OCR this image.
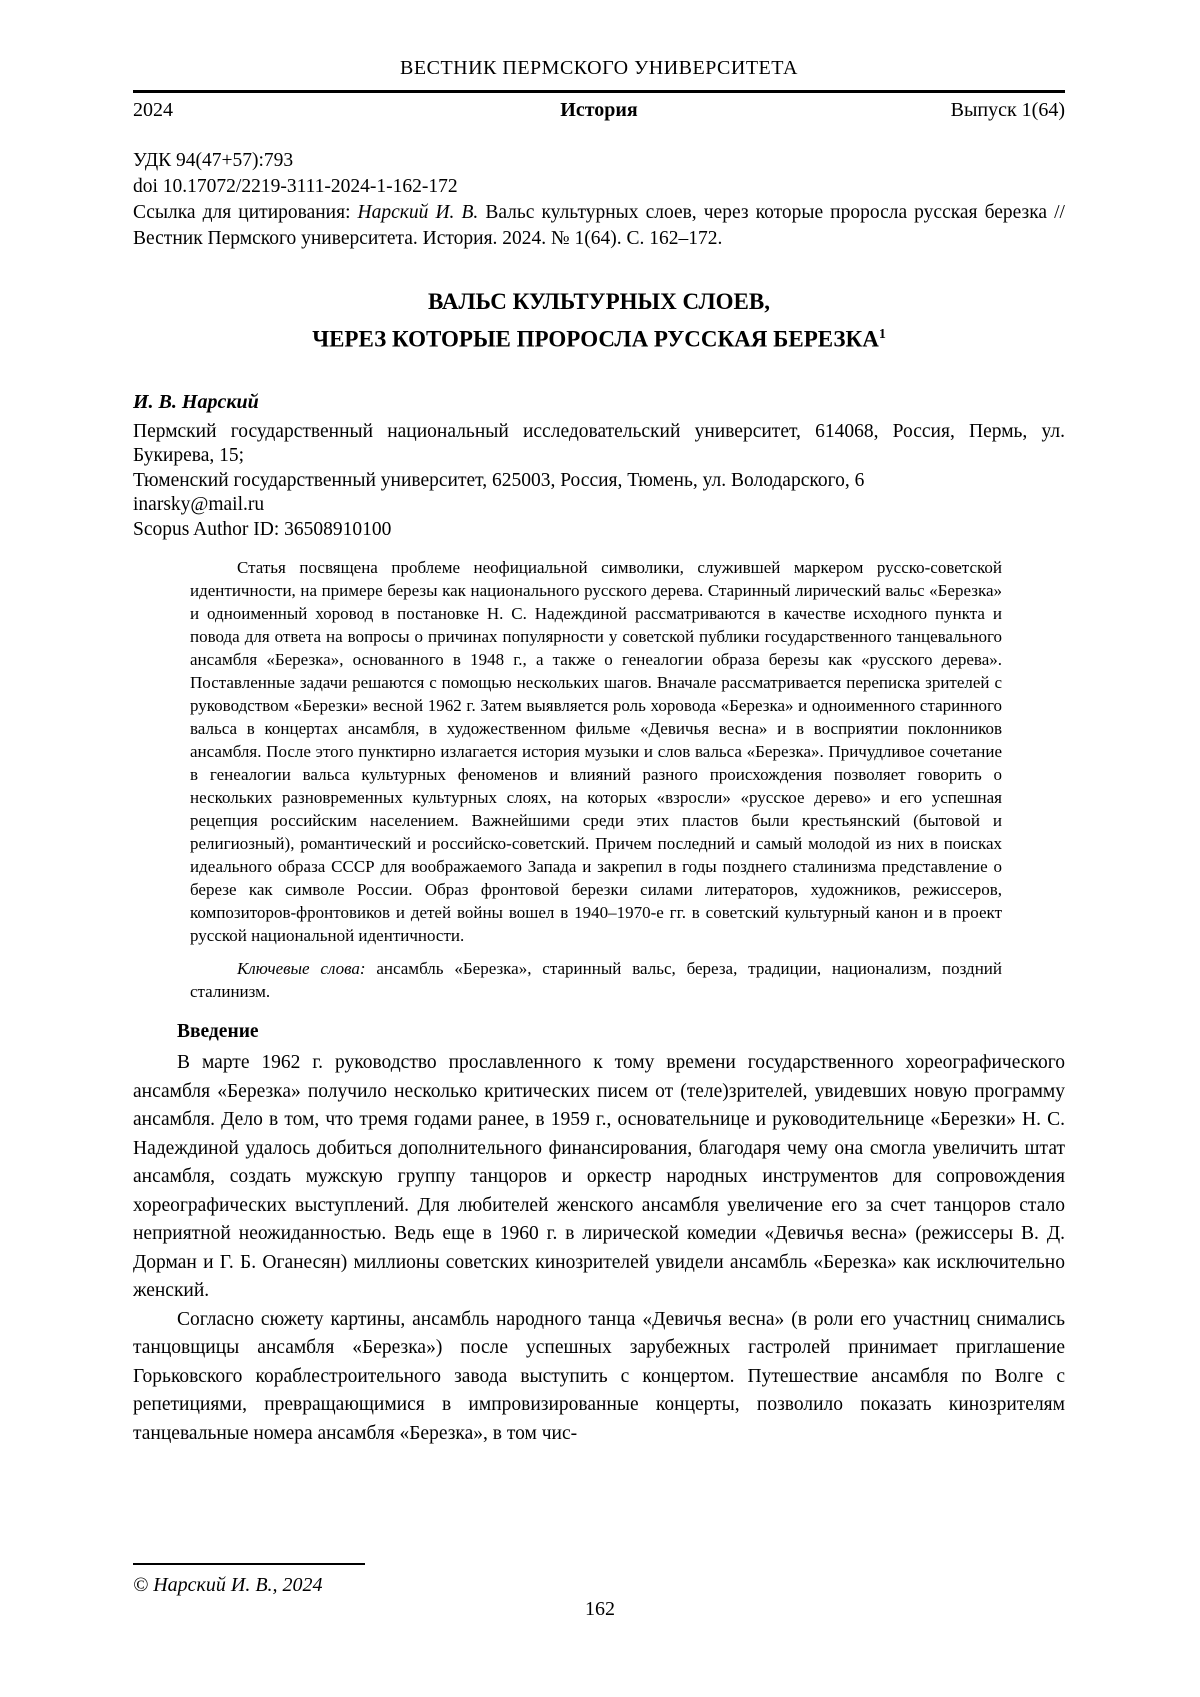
ВЕСТНИК ПЕРМСКОГО УНИВЕРСИТЕТА
2024	История	Выпуск 1(64)
УДК 94(47+57):793
doi 10.17072/2219-3111-2024-1-162-172
Ссылка для цитирования: Нарский И. В. Вальс культурных слоев, через которые проросла русская березка // Вестник Пермского университета. История. 2024. № 1(64). С. 162–172.
ВАЛЬС КУЛЬТУРНЫХ СЛОЕВ,
ЧЕРЕЗ КОТОРЫЕ ПРОРОСЛА РУССКАЯ БЕРЕЗКА$^1$
И. В. Нарский
Пермский государственный национальный исследовательский университет, 614068, Россия, Пермь, ул. Букирева, 15;
Тюменский государственный университет, 625003, Россия, Тюмень, ул. Володарского, 6
inarsky@mail.ru
Scopus Author ID: 36508910100
Статья посвящена проблеме неофициальной символики, служившей маркером русско-советской идентичности, на примере березы как национального русского дерева. Старинный лирический вальс «Березка» и одноименный хоровод в постановке Н. С. Надеждиной рассматриваются в качестве исходного пункта и повода для ответа на вопросы о причинах популярности у советской публики государственного танцевального ансамбля «Березка», основанного в 1948 г., а также о генеалогии образа березы как «русского дерева». Поставленные задачи решаются с помощью нескольких шагов. Вначале рассматривается переписка зрителей с руководством «Березки» весной 1962 г. Затем выявляется роль хоровода «Березка» и одноименного старинного вальса в концертах ансамбля, в художественном фильме «Девичья весна» и в восприятии поклонников ансамбля. После этого пунктирно излагается история музыки и слов вальса «Березка». Причудливое сочетание в генеалогии вальса культурных феноменов и влияний разного происхождения позволяет говорить о нескольких разновременных культурных слоях, на которых «взросли» «русское дерево» и его успешная рецепция российским населением. Важнейшими среди этих пластов были крестьянский (бытовой и религиозный), романтический и российско-советский. Причем последний и самый молодой из них в поисках идеального образа СССР для воображаемого Запада и закрепил в годы позднего сталинизма представление о березе как символе России. Образ фронтовой березки силами литераторов, художников, режиссеров, композиторов-фронтовиков и детей войны вошел в 1940–1970-е гг. в советский культурный канон и в проект русской национальной идентичности.
Ключевые слова: ансамбль «Березка», старинный вальс, береза, традиции, национализм, поздний сталинизм.
Введение
В марте 1962 г. руководство прославленного к тому времени государственного хореографического ансамбля «Березка» получило несколько критических писем от (теле)зрителей, увидевших новую программу ансамбля. Дело в том, что тремя годами ранее, в 1959 г., основательнице и руководительнице «Березки» Н. С. Надеждиной удалось добиться дополнительного финансирования, благодаря чему она смогла увеличить штат ансамбля, создать мужскую группу танцоров и оркестр народных инструментов для сопровождения хореографических выступлений. Для любителей женского ансамбля увеличение его за счет танцоров стало неприятной неожиданностью. Ведь еще в 1960 г. в лирической комедии «Девичья весна» (режиссеры В. Д. Дорман и Г. Б. Оганесян) миллионы советских кинозрителей увидели ансамбль «Березка» как исключительно женский.
Согласно сюжету картины, ансамбль народного танца «Девичья весна» (в роли его участниц снимались танцовщицы ансамбля «Березка») после успешных зарубежных гастролей принимает приглашение Горьковского кораблестроительного завода выступить с концертом. Путешествие ансамбля по Волге с репетициями, превращающимися в импровизированные концерты, позволило показать кинозрителям танцевальные номера ансамбля «Березка», в том чис-
© Нарский И. В., 2024
162
